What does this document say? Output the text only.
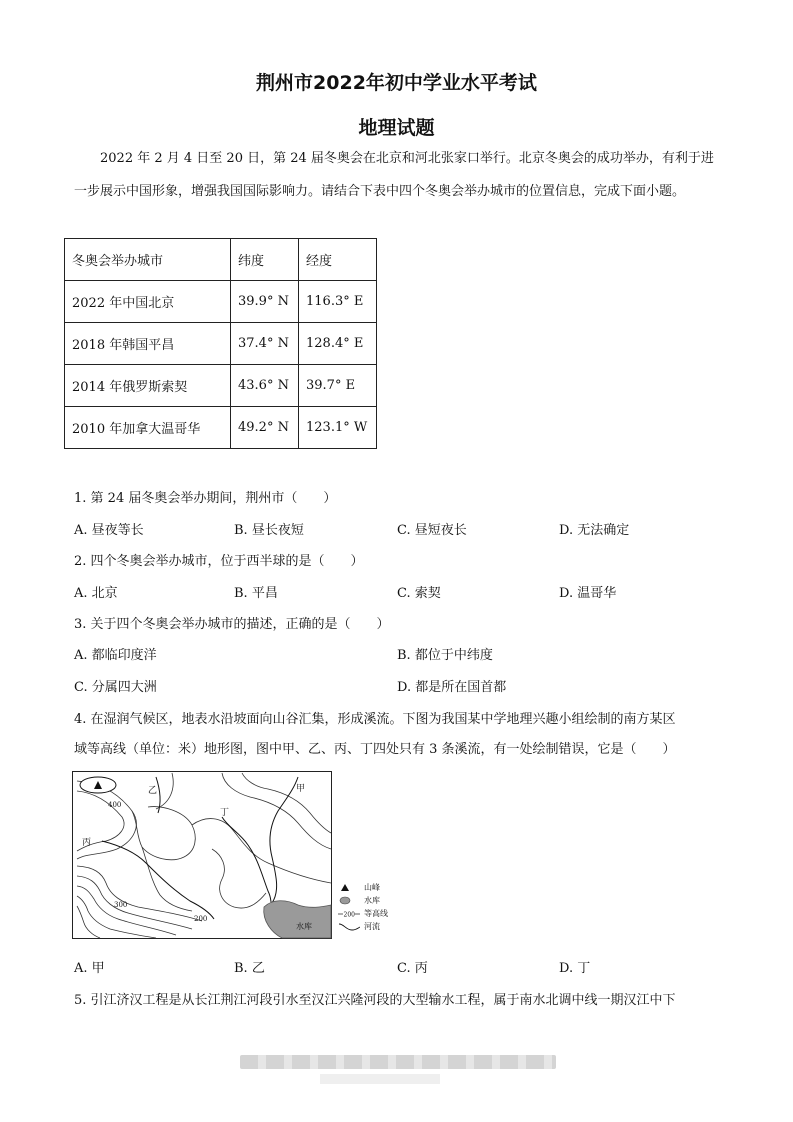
荆州市2022年初中学业水平考试
地理试题
2022 年 2 月 4 日至 20 日，第 24 届冬奥会在北京和河北张家口举行。北京冬奥会的成功举办，有利于进一步展示中国形象，增强我国国际影响力。请结合下表中四个冬奥会举办城市的位置信息，完成下面小题。
冬奥会举办城市	纬度	经度
2022 年中国北京	39.9° N	116.3° E
2018 年韩国平昌	37.4° N	128.4° E
2014 年俄罗斯索契	43.6° N	39.7° E
2010 年加拿大温哥华	49.2° N	123.1° W
1. 第 24 届冬奥会举办期间，荆州市（　　）
A. 昼夜等长	B. 昼长夜短	C. 昼短夜长	D. 无法确定
2. 四个冬奥会举办城市，位于西半球的是（　　）
A. 北京	B. 平昌	C. 索契	D. 温哥华
3. 关于四个冬奥会举办城市的描述，正确的是（　　）
A. 都临印度洋	B. 都位于中纬度
C. 分属四大洲	D. 都是所在国首都
4. 在湿润气候区，地表水沿坡面向山谷汇集，形成溪流。下图为我国某中学地理兴趣小组绘制的南方某区
域等高线（单位：米）地形图，图中甲、乙、丙、丁四处只有 3 条溪流，有一处绘制错误，它是（　　）
甲
乙
丙
丁
400
300
200
水库
山峰
水库
200 等高线
河流
A. 甲	B. 乙	C. 丙	D. 丁
5. 引江济汉工程是从长江荆江河段引水至汉江兴隆河段的大型输水工程，属于南水北调中线一期汉江中下
